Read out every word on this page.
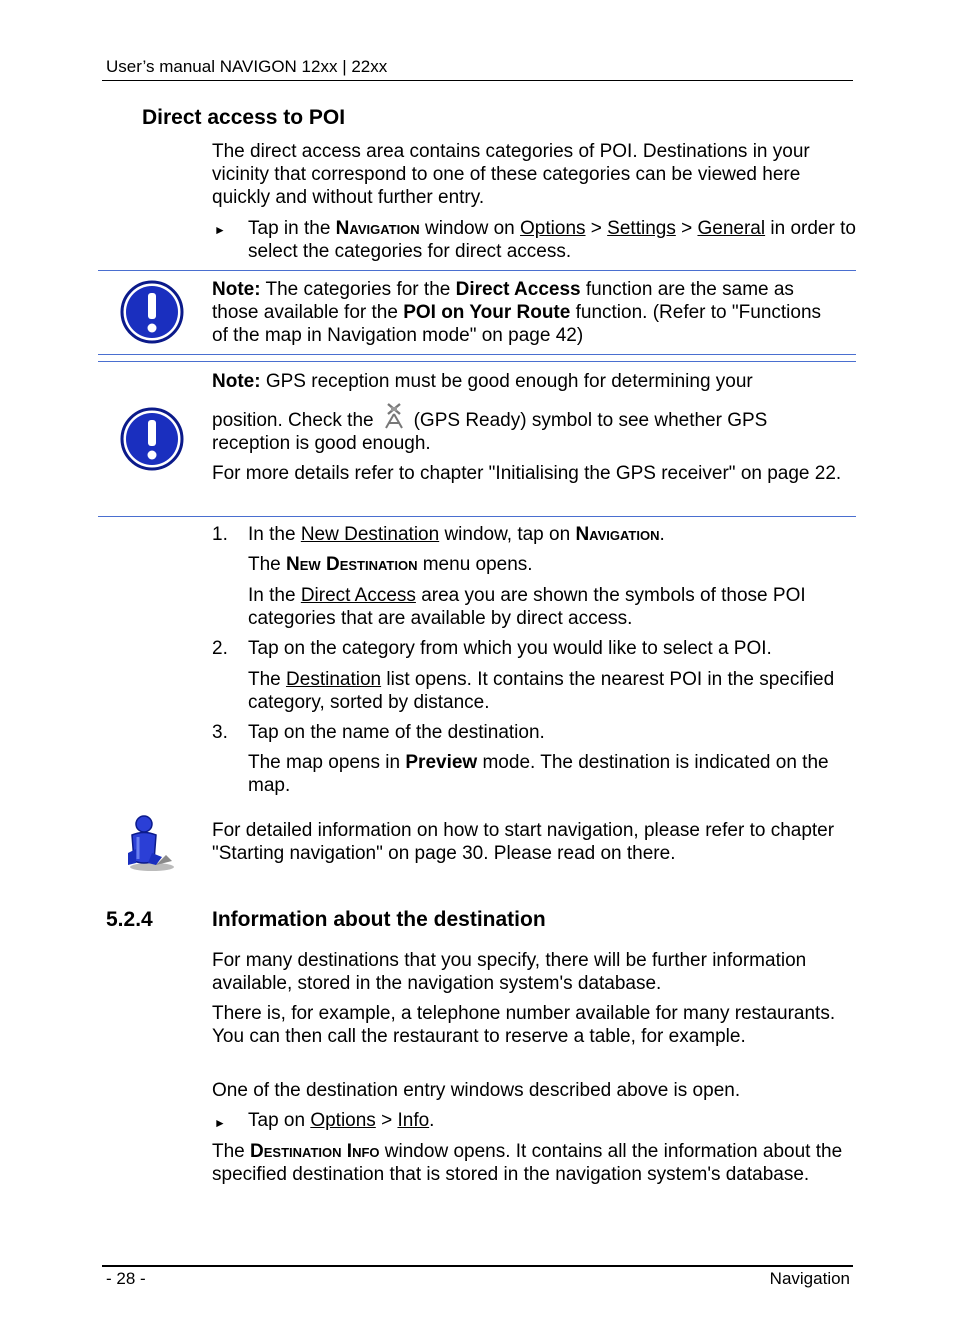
User’s manual NAVIGON 12xx | 22xx
Direct access to POI
The direct access area contains categories of POI. Destinations in your vicinity that correspond to one of these categories can be viewed here quickly and without further entry.
► Tap in the Navigation window on Options > Settings > General in order to select the categories for direct access.
Note: The categories for the Direct Access function are the same as those available for the POI on Your Route function. (Refer to "Functions of the map in Navigation mode" on page 42)
Note: GPS reception must be good enough for determining your
position. Check the (GPS Ready) symbol to see whether GPS reception is good enough.
For more details refer to chapter "Initialising the GPS receiver" on page 22.
1. In the New Destination window, tap on Navigation.
The New Destination menu opens.
In the Direct Access area you are shown the symbols of those POI categories that are available by direct access.
2. Tap on the category from which you would like to select a POI.
The Destination list opens. It contains the nearest POI in the specified category, sorted by distance.
3. Tap on the name of the destination.
The map opens in Preview mode. The destination is indicated on the map.
For detailed information on how to start navigation, please refer to chapter "Starting navigation" on page 30. Please read on there.
5.2.4	Information about the destination
For many destinations that you specify, there will be further information available, stored in the navigation system's database.
There is, for example, a telephone number available for many restaurants. You can then call the restaurant to reserve a table, for example.
One of the destination entry windows described above is open.
► Tap on Options > Info.
The Destination Info window opens. It contains all the information about the specified destination that is stored in the navigation system's database.
- 28 -	Navigation
